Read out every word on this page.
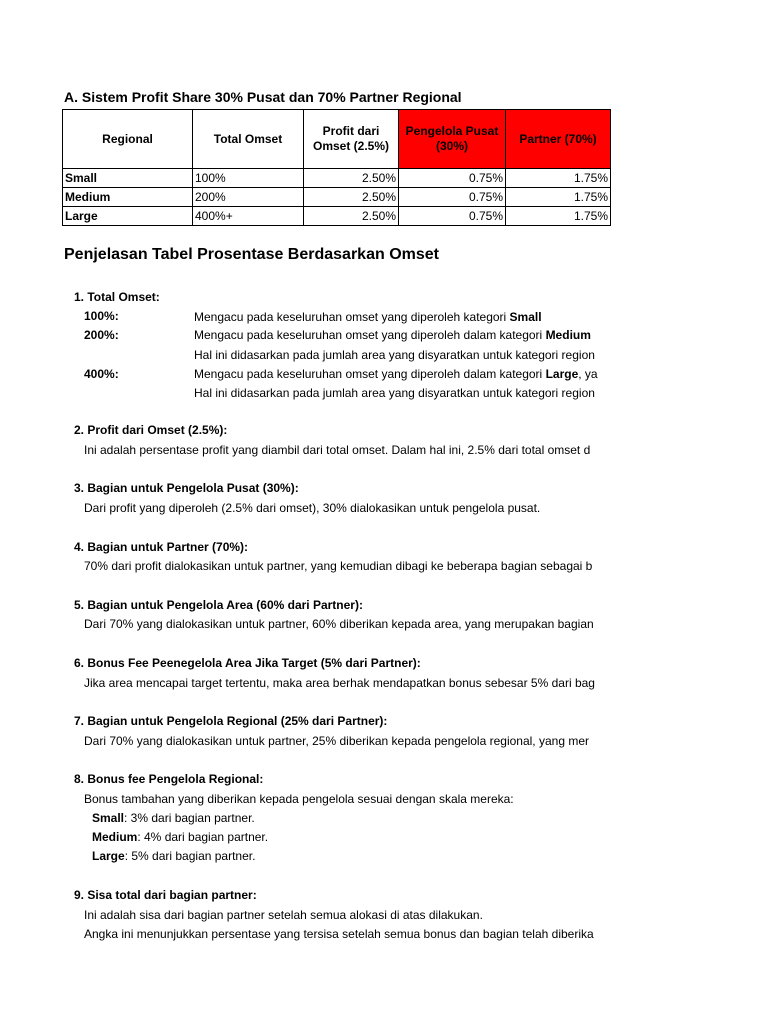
A. Sistem Profit Share 30% Pusat dan 70% Partner Regional
Regional	Total Omset	Profit dari Omset (2.5%)	Pengelola Pusat (30%)	Partner (70%)
Small	100%	2.50%	0.75%	1.75%
Medium	200%	2.50%	0.75%	1.75%
Large	400%+	2.50%	0.75%	1.75%
Penjelasan Tabel Prosentase Berdasarkan Omset
1. Total Omset:
100%:	Mengacu pada keseluruhan omset yang diperoleh kategori Small
200%:	Mengacu pada keseluruhan omset yang diperoleh dalam kategori Medium
Hal ini didasarkan pada jumlah area yang disyaratkan untuk kategori region
400%:	Mengacu pada keseluruhan omset yang diperoleh dalam kategori Large, ya
Hal ini didasarkan pada jumlah area yang disyaratkan untuk kategori region
2. Profit dari Omset (2.5%):
Ini adalah persentase profit yang diambil dari total omset. Dalam hal ini, 2.5% dari total omset d
3. Bagian untuk Pengelola Pusat (30%):
Dari profit yang diperoleh (2.5% dari omset), 30% dialokasikan untuk pengelola pusat.
4. Bagian untuk Partner (70%):
70% dari profit dialokasikan untuk partner, yang kemudian dibagi ke beberapa bagian sebagai b
5. Bagian untuk Pengelola Area (60% dari Partner):
Dari 70% yang dialokasikan untuk partner, 60% diberikan kepada area, yang merupakan bagian
6. Bonus Fee Peenegelola Area Jika Target (5% dari Partner):
Jika area mencapai target tertentu, maka area berhak mendapatkan bonus sebesar 5% dari bag
7. Bagian untuk Pengelola Regional (25% dari Partner):
Dari 70% yang dialokasikan untuk partner, 25% diberikan kepada pengelola regional, yang mer
8. Bonus fee Pengelola Regional:
Bonus tambahan yang diberikan kepada pengelola sesuai dengan skala mereka:
Small: 3% dari bagian partner.
Medium: 4% dari bagian partner.
Large: 5% dari bagian partner.
9. Sisa total dari bagian partner:
Ini adalah sisa dari bagian partner setelah semua alokasi di atas dilakukan.
Angka ini menunjukkan persentase yang tersisa setelah semua bonus dan bagian telah diberika
